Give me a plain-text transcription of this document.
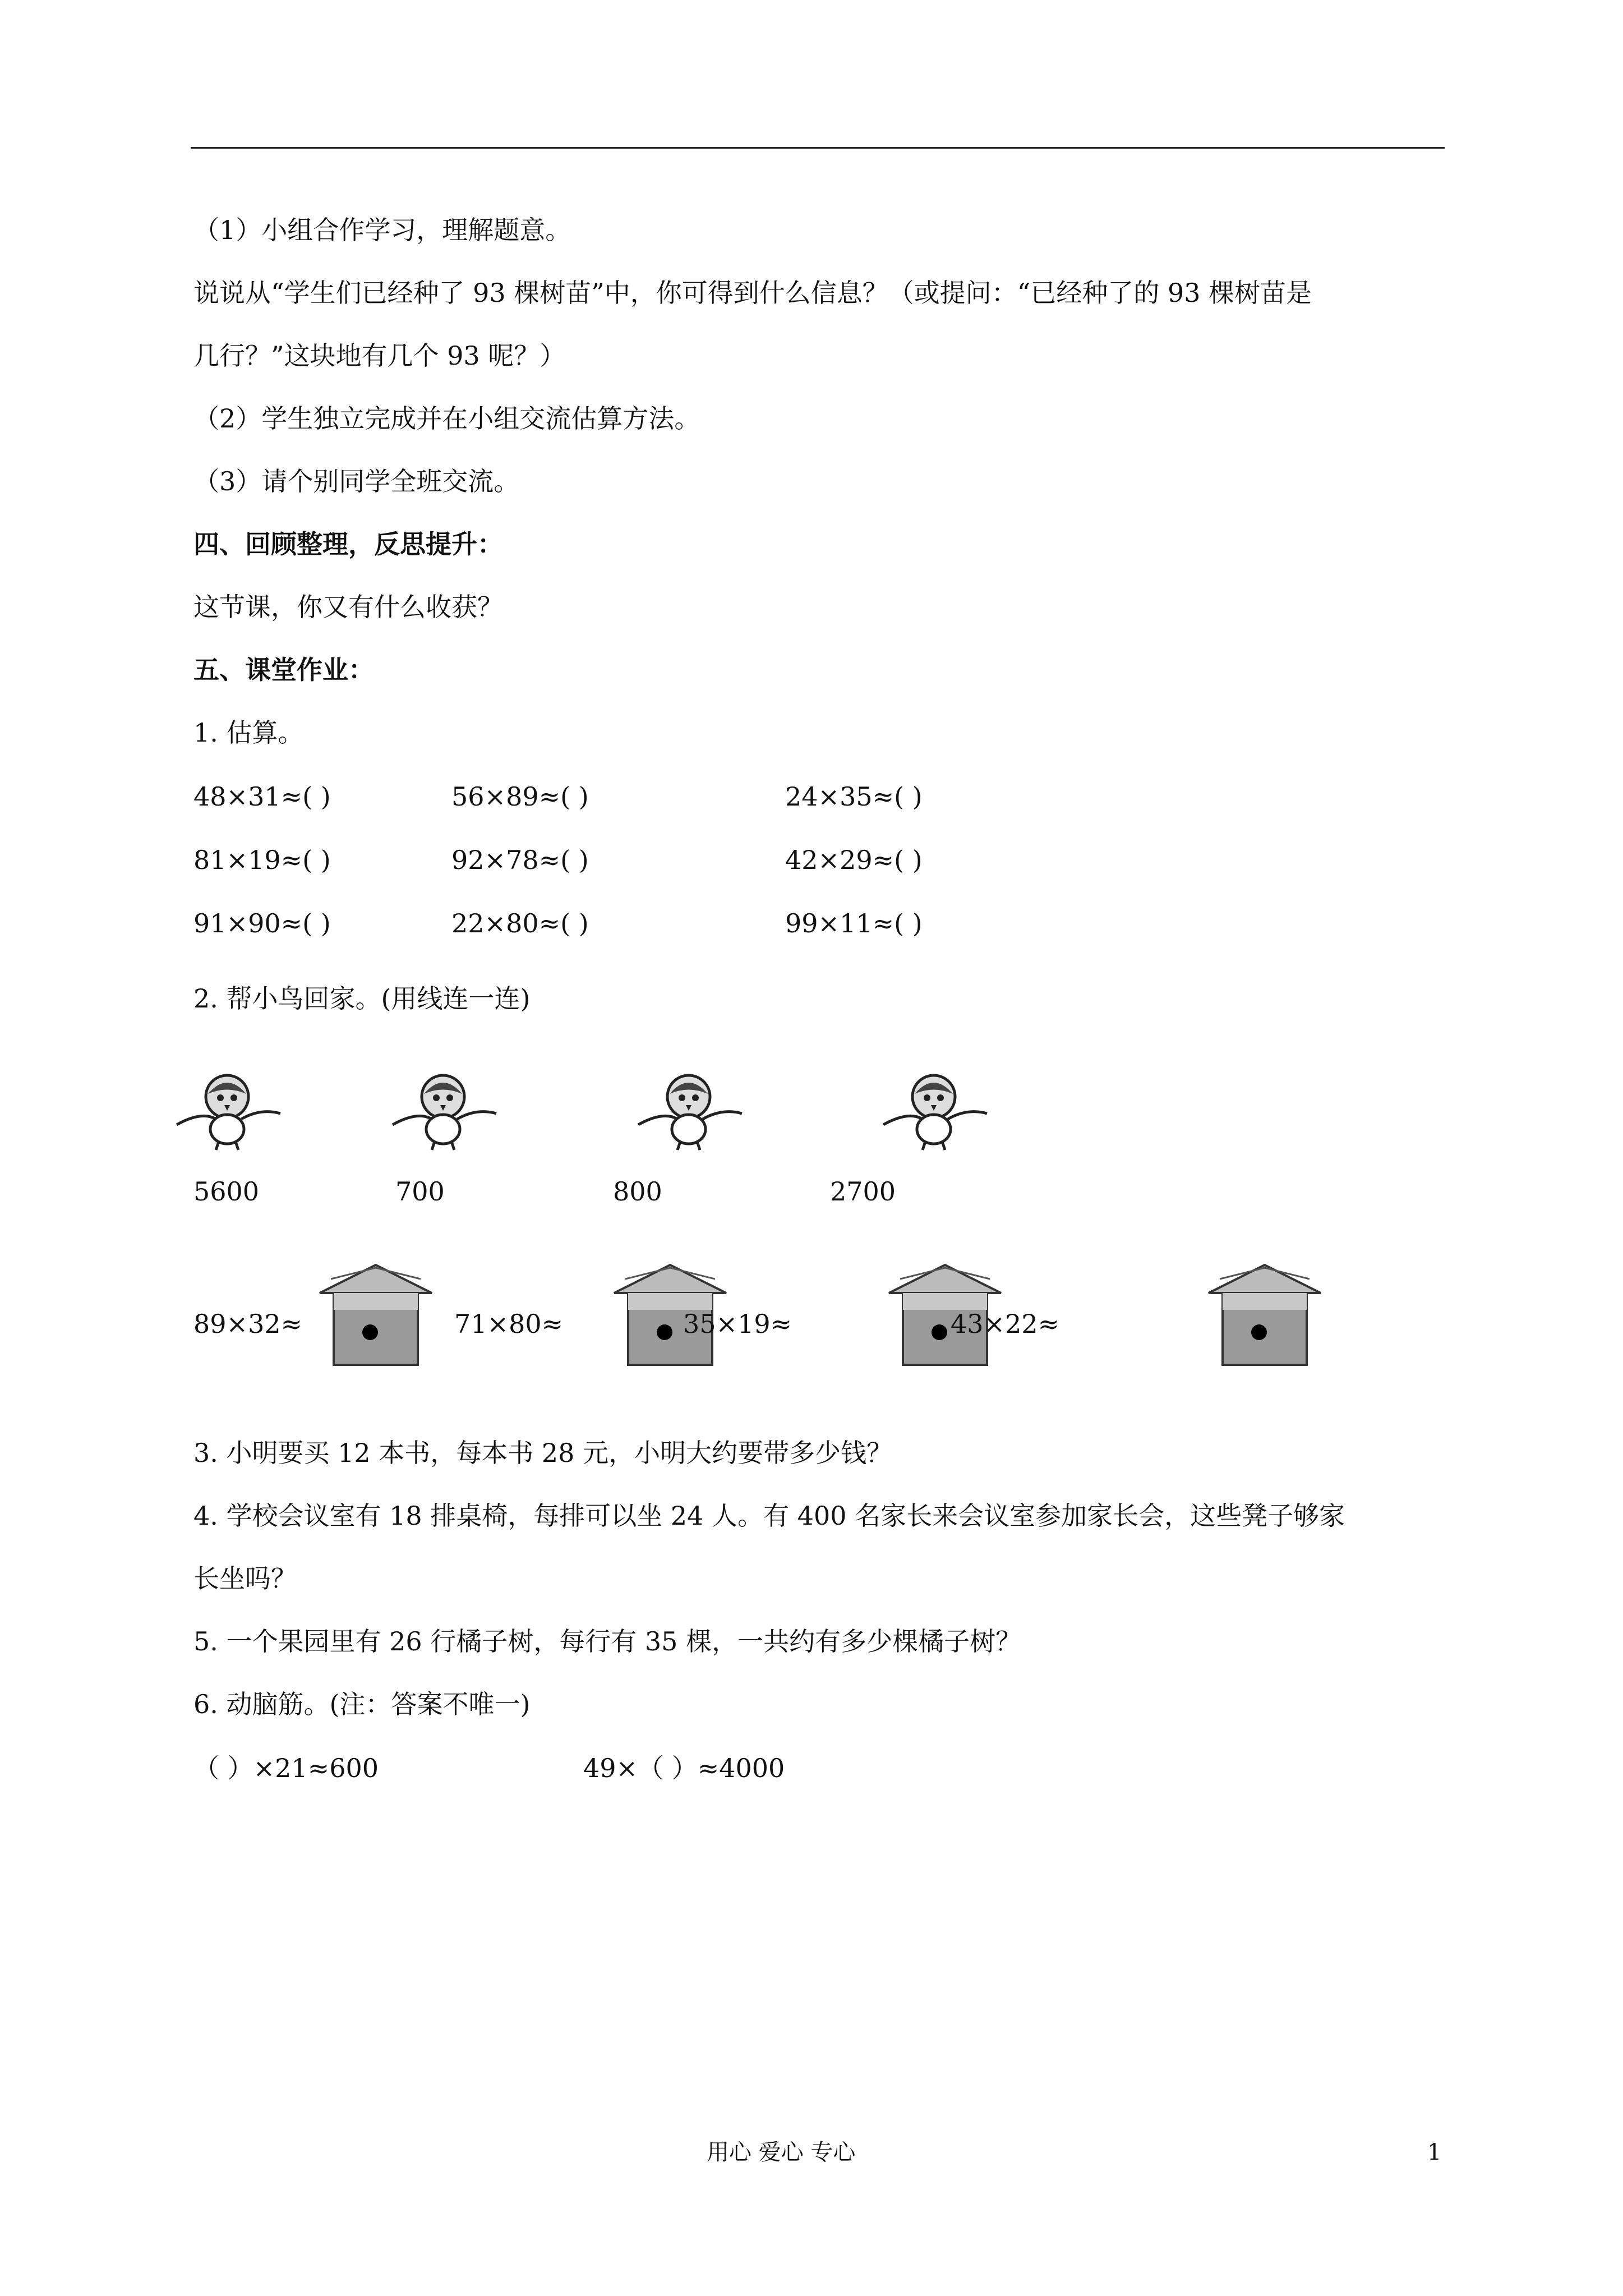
（1）小组合作学习，理解题意。
说说从“学生们已经种了 93 棵树苗”中，你可得到什么信息？（或提问：“已经种了的 93 棵树苗是
几行？”这块地有几个 93 呢？）
（2）学生独立完成并在小组交流估算方法。
（3）请个别同学全班交流。
四、回顾整理，反思提升：
这节课，你又有什么收获？
五、课堂作业：
1. 估算。
48×31≈( )	56×89≈( )	24×35≈( )
81×19≈( )	92×78≈( )	42×29≈( )
91×90≈( )	22×80≈( )	99×11≈( )
2. 帮小鸟回家。(用线连一连)
5600	700	800	2700
89×32≈	71×80≈	35×19≈	43×22≈
3. 小明要买 12 本书，每本书 28 元，小明大约要带多少钱？
4. 学校会议室有 18 排桌椅，每排可以坐 24 人。有 400 名家长来会议室参加家长会，这些凳子够家
长坐吗？
5. 一个果园里有 26 行橘子树，每行有 35 棵，一共约有多少棵橘子树？
6. 动脑筋。(注：答案不唯一)
（ ）×21≈600	49×（ ）≈4000
用心 爱心 专心	1
